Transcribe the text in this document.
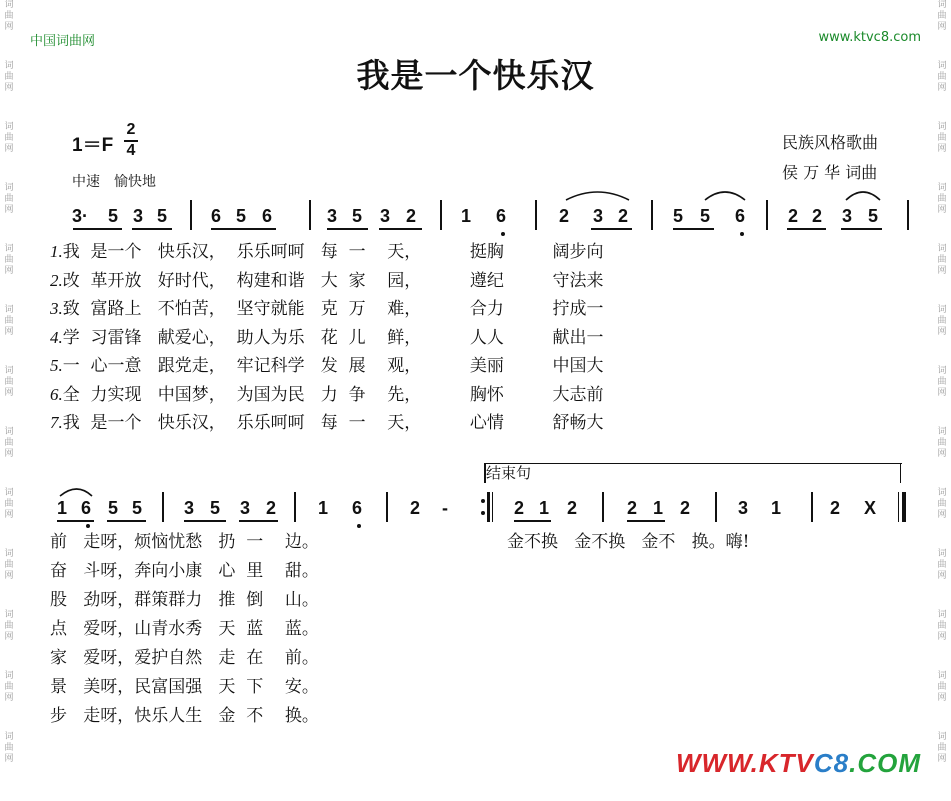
词
曲
网
词
曲
网
词
曲
网
词
曲
网
词
曲
网
词
曲
网
词
曲
网
词
曲
网
词
曲
网
词
曲
网
词
曲
网
词
曲
网
词
曲
网
词
曲
网
词
曲
网
词
曲
网
词
曲
网
词
曲
网
词
曲
网
词
曲
网
词
曲
网
词
曲
网
词
曲
网
词
曲
网
词
曲
网
词
曲
网
中国词曲网	www.ktvc8.com
我是一个快乐汉
1＝F
2
4
中速　愉快地
民族风格歌曲
侯 万 华 词曲
3· 5 3 5 6 5 6	3 5 3 2 1 6	2 3 2 5 5 6 2 2 3 5
1.我  是一个   快乐汉，  乐乐呵呵   每  一    天，         挺胸         阔步向
2.改  革开放   好时代，  构建和谐   大  家    园，         遵纪         守法来
3.致  富路上   不怕苦，  坚守就能   克  万    难，         合力         拧成一
4.学  习雷锋   献爱心，  助人为乐   花  儿    鲜，         人人         献出一
5.一  心一意   跟党走，  牢记科学   发  展    观，         美丽         中国大
6.全  力实现   中国梦，  为国为民   力  争    先，         胸怀         大志前
7.我  是一个   快乐汉，  乐乐呵呵   每  一    天，         心情         舒畅大
1 6 5 5 3 5 3 2 1 6	2 -	2 1 2	2 1 2	3 1	2 X
结束句
前   走呀，烦恼忧愁   扔  一    边。
奋   斗呀，奔向小康   心  里    甜。
股   劲呀，群策群力   推  倒    山。
点   爱呀，山青水秀   天  蓝    蓝。
家   爱呀，爱护自然   走  在    前。
景   美呀，民富国强   天  下    安。
步   走呀，快乐人生   金  不    换。
金不换   金不换   金不   换。嗨!
WWW.KTVC8.COM
